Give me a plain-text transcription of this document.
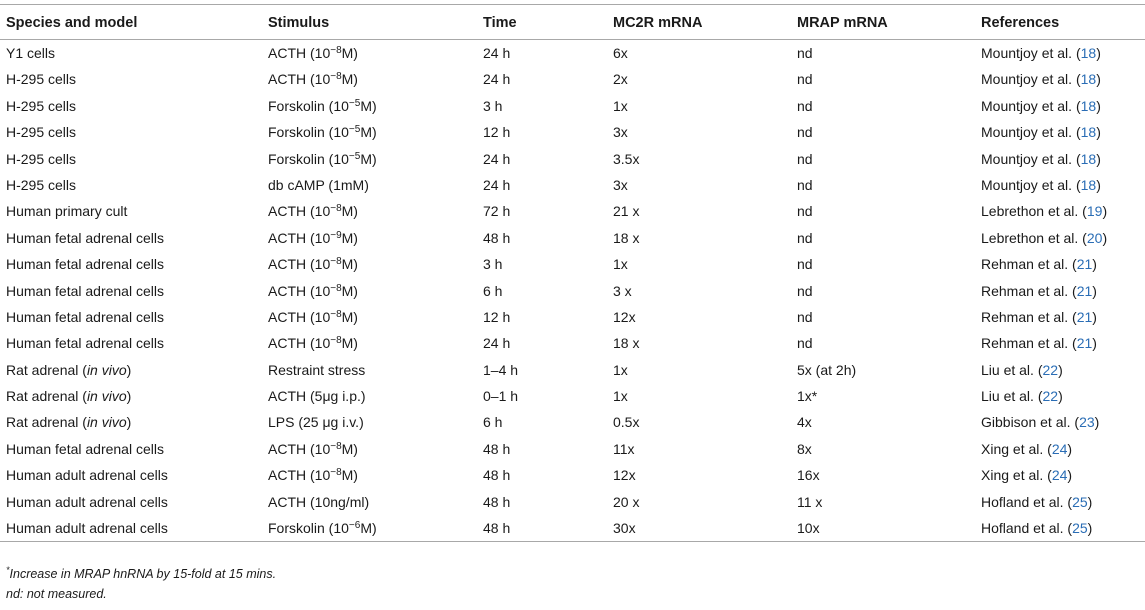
Species and model	Stimulus	Time	MC2R mRNA	MRAP mRNA	References
Y1 cells	ACTH $(10^{-8}M)$	24 h	6x	nd	Mountjoy et al. (18)
H-295 cells	ACTH $(10^{-8}M)$	24 h	2x	nd	Mountjoy et al. (18)
H-295 cells	Forskolin $(10^{-5}M)$	3 h	1x	nd	Mountjoy et al. (18)
H-295 cells	Forskolin $(10^{-5}M)$	12 h	3x	nd	Mountjoy et al. (18)
H-295 cells	Forskolin $(10^{-5}M)$	24 h	3.5x	nd	Mountjoy et al. (18)
H-295 cells	db cAMP (1mM)	24 h	3x	nd	Mountjoy et al. (18)
Human primary cult	ACTH $(10^{-8}M)$	72 h	21 x	nd	Lebrethon et al. (19)
Human fetal adrenal cells	ACTH $(10^{-9}M)$	48 h	18 x	nd	Lebrethon et al. (20)
Human fetal adrenal cells	ACTH $(10^{-8}M)$	3 h	1x	nd	Rehman et al. (21)
Human fetal adrenal cells	ACTH $(10^{-8}M)$	6 h	3 x	nd	Rehman et al. (21)
Human fetal adrenal cells	ACTH $(10^{-8}M)$	12 h	12x	nd	Rehman et al. (21)
Human fetal adrenal cells	ACTH $(10^{-8}M)$	24 h	18 x	nd	Rehman et al. (21)
Rat adrenal (in vivo)	Restraint stress	1–4 h	1x	5x (at 2h)	Liu et al. (22)
Rat adrenal (in vivo)	ACTH (5μg i.p.)	0–1 h	1x	1x*	Liu et al. (22)
Rat adrenal (in vivo)	LPS (25 μg i.v.)	6 h	0.5x	4x	Gibbison et al. (23)
Human fetal adrenal cells	ACTH $(10^{-8}M)$	48 h	11x	8x	Xing et al. (24)
Human adult adrenal cells	ACTH $(10^{-8}M)$	48 h	12x	16x	Xing et al. (24)
Human adult adrenal cells	ACTH (10ng/ml)	48 h	20 x	11 x	Hofland et al. (25)
Human adult adrenal cells	Forskolin $(10^{-6}M)$	48 h	30x	10x	Hofland et al. (25)
*Increase in MRAP hnRNA by 15-fold at 15 mins.
nd: not measured.
